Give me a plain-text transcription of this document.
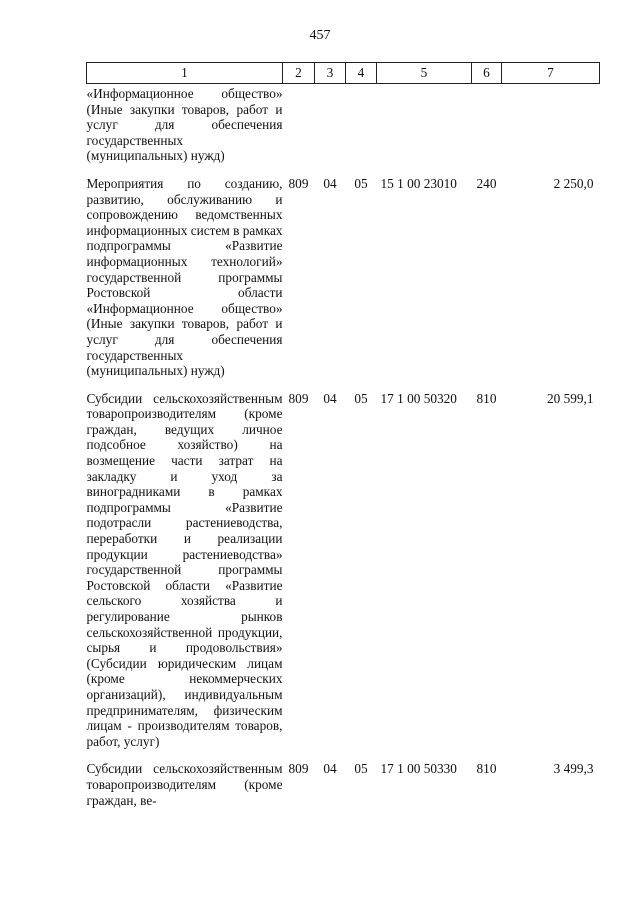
457
1	2	3	4	5	6	7
«Информационное общество» (Иные закупки товаров, работ и услуг для обеспечения государственных (муниципальных) нужд)						

Мероприятия по созданию, развитию, обслуживанию и сопровождению ведомственных информационных систем в рамках подпрограммы «Развитие информационных технологий» государственной программы Ростовской области «Информационное общество» (Иные закупки товаров, работ и услуг для обеспечения государственных (муниципальных) нужд)	809	04	05	15 1 00 23010	240	2 250,0

Субсидии сельскохозяйственным товаропроизводителям (кроме граждан, ведущих личное подсобное хозяйство) на возмещение части затрат на закладку и уход за виноградниками в рамках подпрограммы «Развитие подотрасли растениеводства, переработки и реализации продукции растениеводства» государственной программы Ростовской области «Развитие сельского хозяйства и регулирование рынков сельскохозяйственной продукции, сырья и продовольствия» (Субсидии юридическим лицам (кроме некоммерческих организаций), индивидуальным предпринимателям, физическим лицам - производителям товаров, работ, услуг)	809	04	05	17 1 00 50320	810	20 599,1

Субсидии сельскохозяйственным товаропроизводителям (кроме граждан, ве-	809	04	05	17 1 00 50330	810	3 499,3
